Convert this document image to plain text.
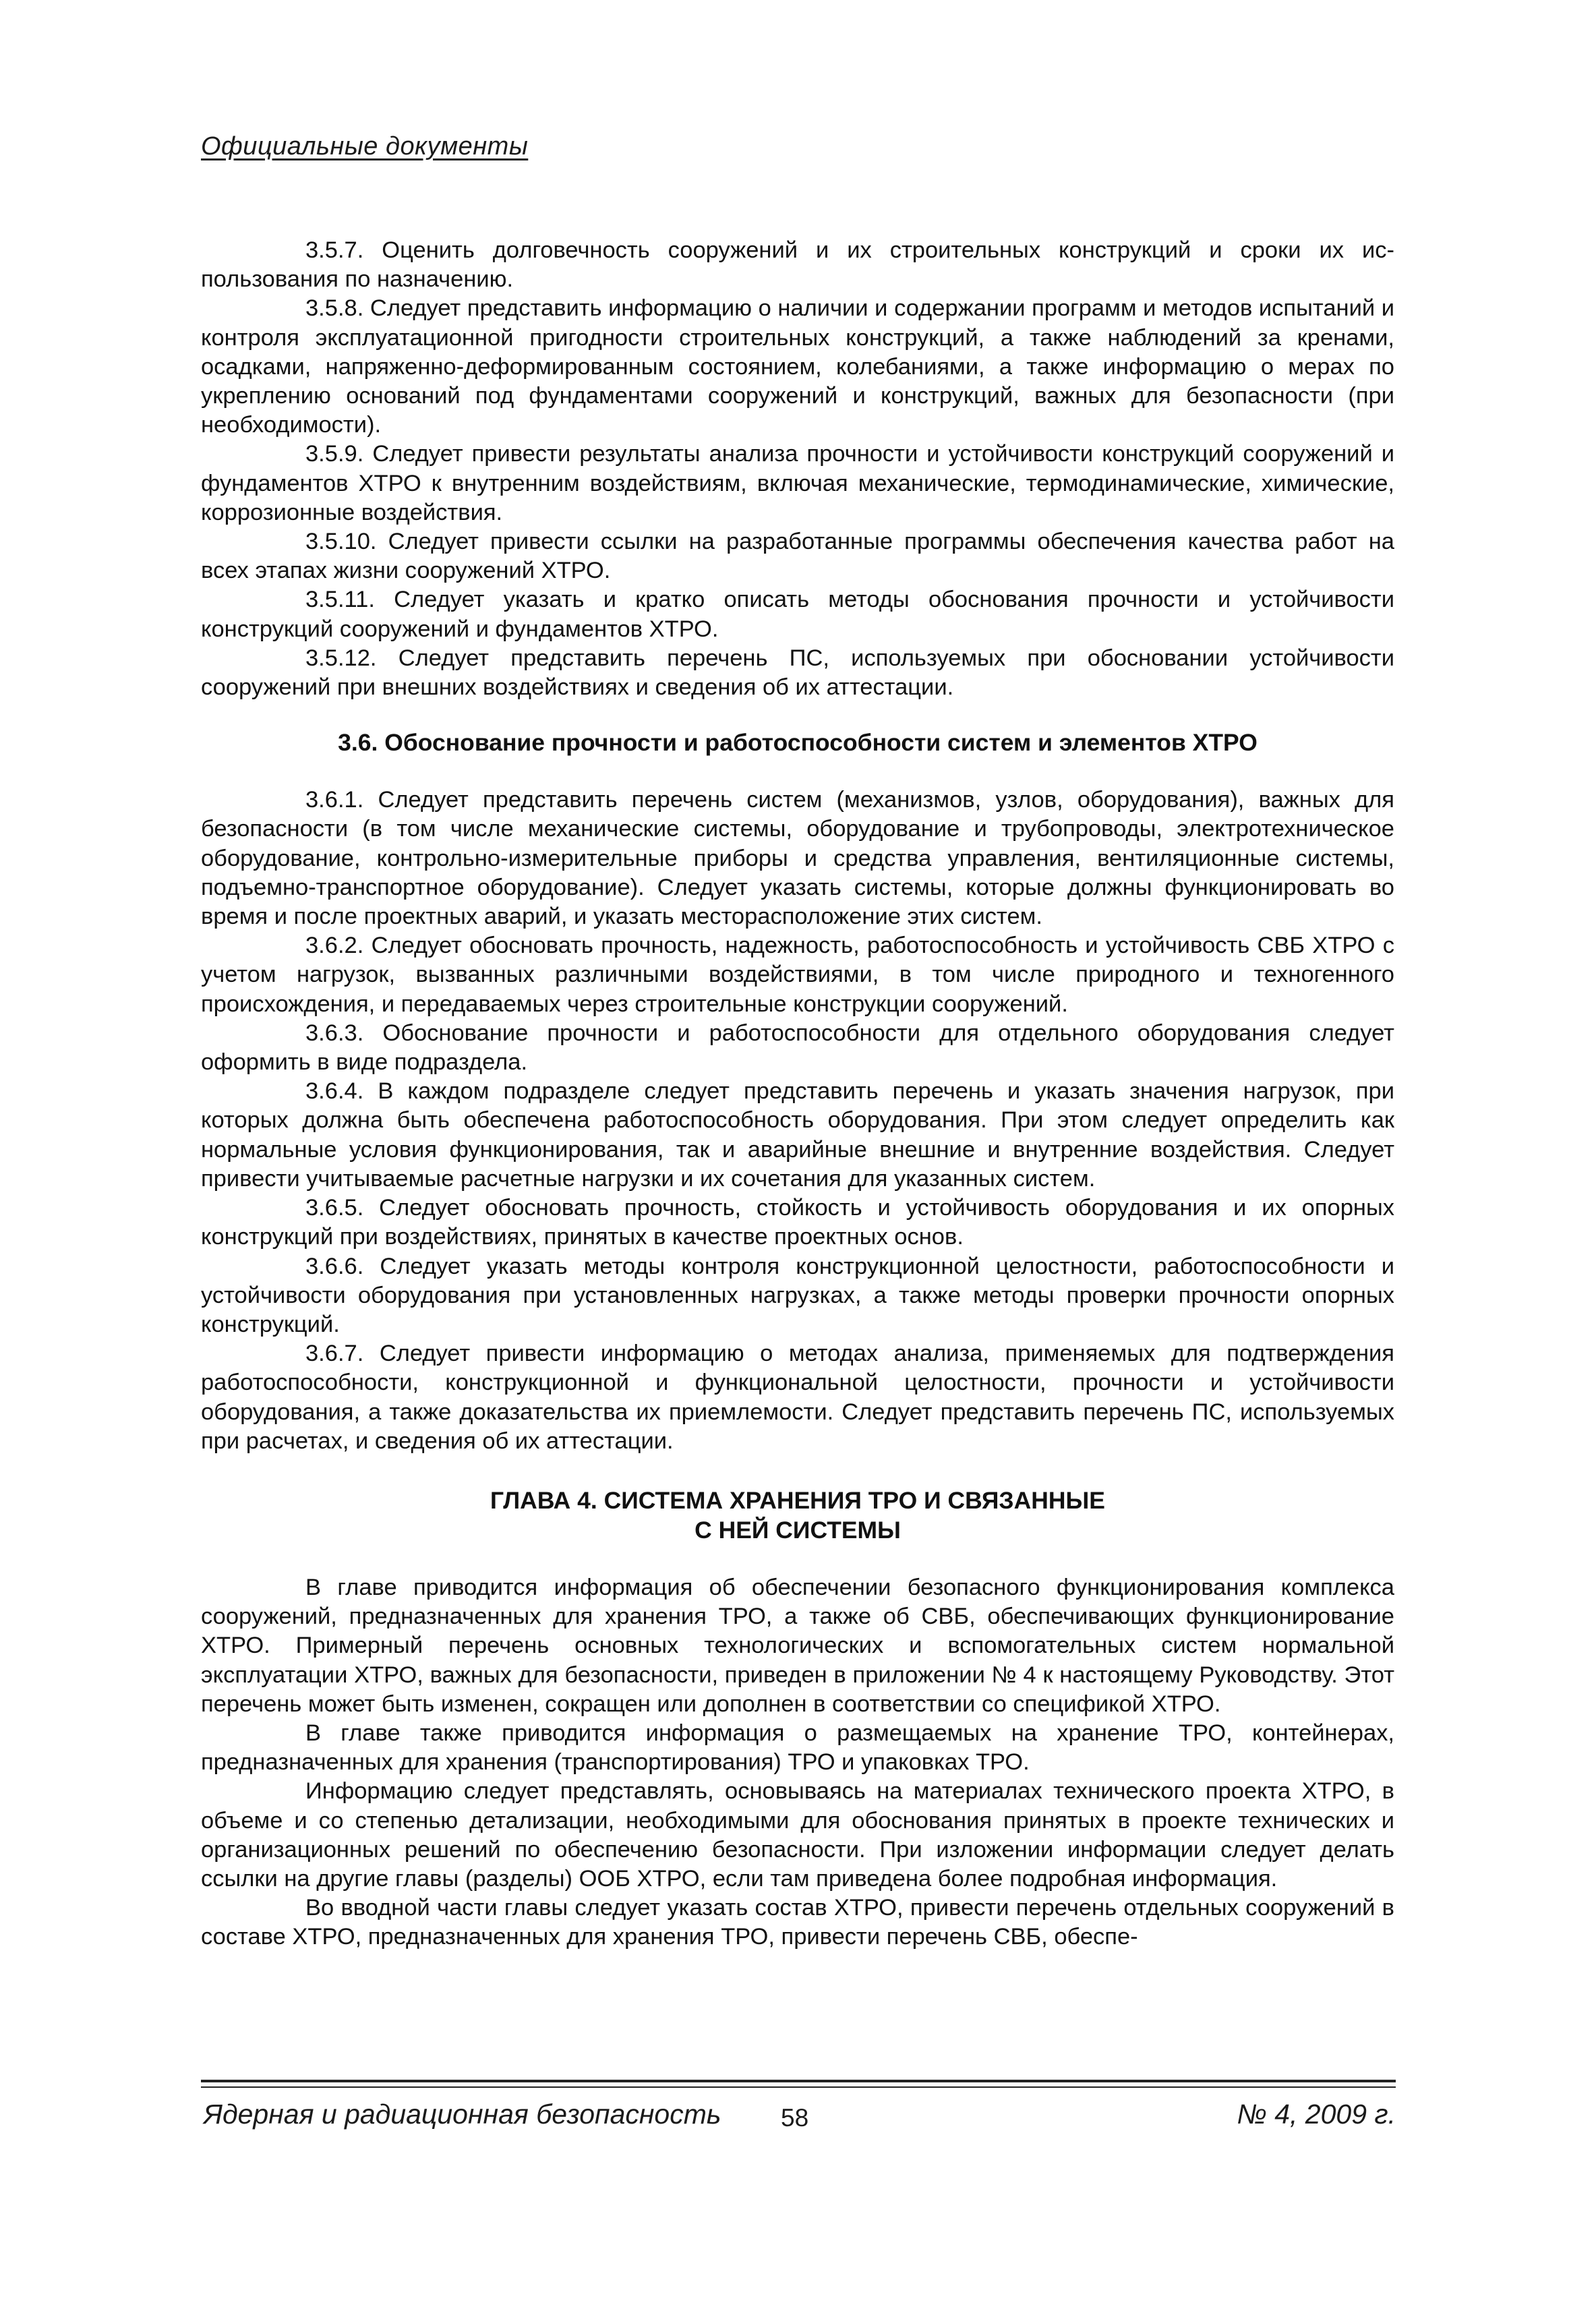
Официальные документы

3.5.7. Оценить долговечность сооружений и их строительных конструкций и сроки их использования по назначению.

3.5.8. Следует представить информацию о наличии и содержании программ и методов испытаний и контроля эксплуатационной пригодности строительных конструкций, а также наблюдений за кренами, осадками, напряженно-деформированным состоянием, колебаниями, а также информацию о мерах по укреплению оснований под фундаментами сооружений и конструкций, важных для безопасности (при необходимости).

3.5.9. Следует привести результаты анализа прочности и устойчивости конструкций сооружений и фундаментов ХТРО к внутренним воздействиям, включая механические, термодинамические, химические, коррозионные воздействия.

3.5.10. Следует привести ссылки на разработанные программы обеспечения качества работ на всех этапах жизни сооружений ХТРО.

3.5.11. Следует указать и кратко описать методы обоснования прочности и устойчивости конструкций сооружений и фундаментов ХТРО.

3.5.12. Следует представить перечень ПС, используемых при обосновании устойчивости сооружений при внешних воздействиях и сведения об их аттестации.

3.6. Обоснование прочности и работоспособности систем и элементов ХТРО

3.6.1. Следует представить перечень систем (механизмов, узлов, оборудования), важных для безопасности (в том числе механические системы, оборудование и трубопроводы, электротехническое оборудование, контрольно-измерительные приборы и средства управления, вентиляционные системы, подъемно-транспортное оборудование). Следует указать системы, которые должны функционировать во время и после проектных аварий, и указать месторасположение этих систем.

3.6.2. Следует обосновать прочность, надежность, работоспособность и устойчивость СВБ ХТРО с учетом нагрузок, вызванных различными воздействиями, в том числе природного и техногенного происхождения, и передаваемых через строительные конструкции сооружений.

3.6.3. Обоснование прочности и работоспособности для отдельного оборудования следует оформить в виде подраздела.

3.6.4. В каждом подразделе следует представить перечень и указать значения нагрузок, при которых должна быть обеспечена работоспособность оборудования. При этом следует определить как нормальные условия функционирования, так и аварийные внешние и внутренние воздействия. Следует привести учитываемые расчетные нагрузки и их сочетания для указанных систем.

3.6.5. Следует обосновать прочность, стойкость и устойчивость оборудования и их опорных конструкций при воздействиях, принятых в качестве проектных основ.

3.6.6. Следует указать методы контроля конструкционной целостности, работоспособности и устойчивости оборудования при установленных нагрузках, а также методы проверки прочности опорных конструкций.

3.6.7. Следует привести информацию о методах анализа, применяемых для подтверждения работоспособности, конструкционной и функциональной целостности, прочности и устойчивости оборудования, а также доказательства их приемлемости. Следует представить перечень ПС, используемых при расчетах, и сведения об их аттестации.

ГЛАВА 4. СИСТЕМА ХРАНЕНИЯ ТРО И СВЯЗАННЫЕ
С НЕЙ СИСТЕМЫ

В главе приводится информация об обеспечении безопасного функционирования комплекса сооружений, предназначенных для хранения ТРО, а также об СВБ, обеспечивающих функционирование ХТРО. Примерный перечень основных технологических и вспомогательных систем нормальной эксплуатации ХТРО, важных для безопасности, приведен в приложении № 4 к настоящему Руководству. Этот перечень может быть изменен, сокращен или дополнен в соответствии со спецификой ХТРО.

В главе также приводится информация о размещаемых на хранение ТРО, контейнерах, предназначенных для хранения (транспортирования) ТРО и упаковках ТРО.

Информацию следует представлять, основываясь на материалах технического проекта ХТРО, в объеме и со степенью детализации, необходимыми для обоснования принятых в проекте технических и организационных решений по обеспечению безопасности. При изложении информации следует делать ссылки на другие главы (разделы) ООБ ХТРО, если там приведена более подробная информация.

Во вводной части главы следует указать состав ХТРО, привести перечень отдельных сооружений в составе ХТРО, предназначенных для хранения ТРО, привести перечень СВБ, обеспе-

Ядерная и радиационная безопасность 58	№ 4, 2009 г.
